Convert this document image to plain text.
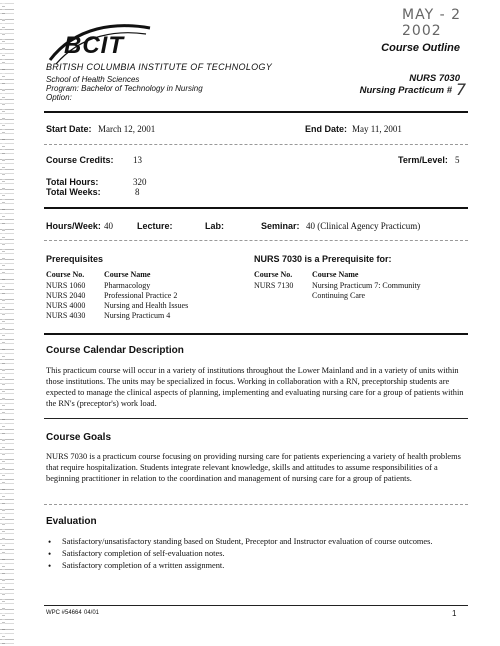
MAY - 2 2002
BCIT
BRITISH COLUMBIA INSTITUTE OF TECHNOLOGY
School of Health Sciences
Program: Bachelor of Technology in Nursing
Option:
Course Outline
NURS 7030
Nursing Practicum # 7
Start Date: March 12, 2001	End Date: May 11, 2001
Course Credits: 13	Term/Level: 5
Total Hours:	320
Total Weeks:	8
Hours/Week: 40	Lecture:	Lab:	Seminar: 40 (Clinical Agency Practicum)
Prerequisites
Course No. Course Name
NURS 1060 Pharmacology
NURS 2040 Professional Practice 2
NURS 4000 Nursing and Health Issues
NURS 4030 Nursing Practicum 4
NURS 7030 is a Prerequisite for:
Course No. Course Name
NURS 7130 Nursing Practicum 7: Community
Continuing Care
Course Calendar Description
This practicum course will occur in a variety of institutions throughout the Lower Mainland and in a variety of units within those institutions. The units may be specialized in focus. Working in collaboration with a RN, preceptorship students are expected to manage the clinical aspects of planning, implementing and evaluating nursing care for a group of patients within the RN's (preceptor's) work load.
Course Goals
NURS 7030 is a practicum course focusing on providing nursing care for patients experiencing a variety of health problems that require hospitalization. Students integrate relevant knowledge, skills and attitudes to assume responsibilities of a beginning practitioner in relation to the coordination and management of nursing care for a group of patients.
Evaluation
• Satisfactory/unsatisfactory standing based on Student, Preceptor and Instructor evaluation of course outcomes.
• Satisfactory completion of self-evaluation notes.
• Satisfactory completion of a written assignment.
WPC #54664 04/01	1
